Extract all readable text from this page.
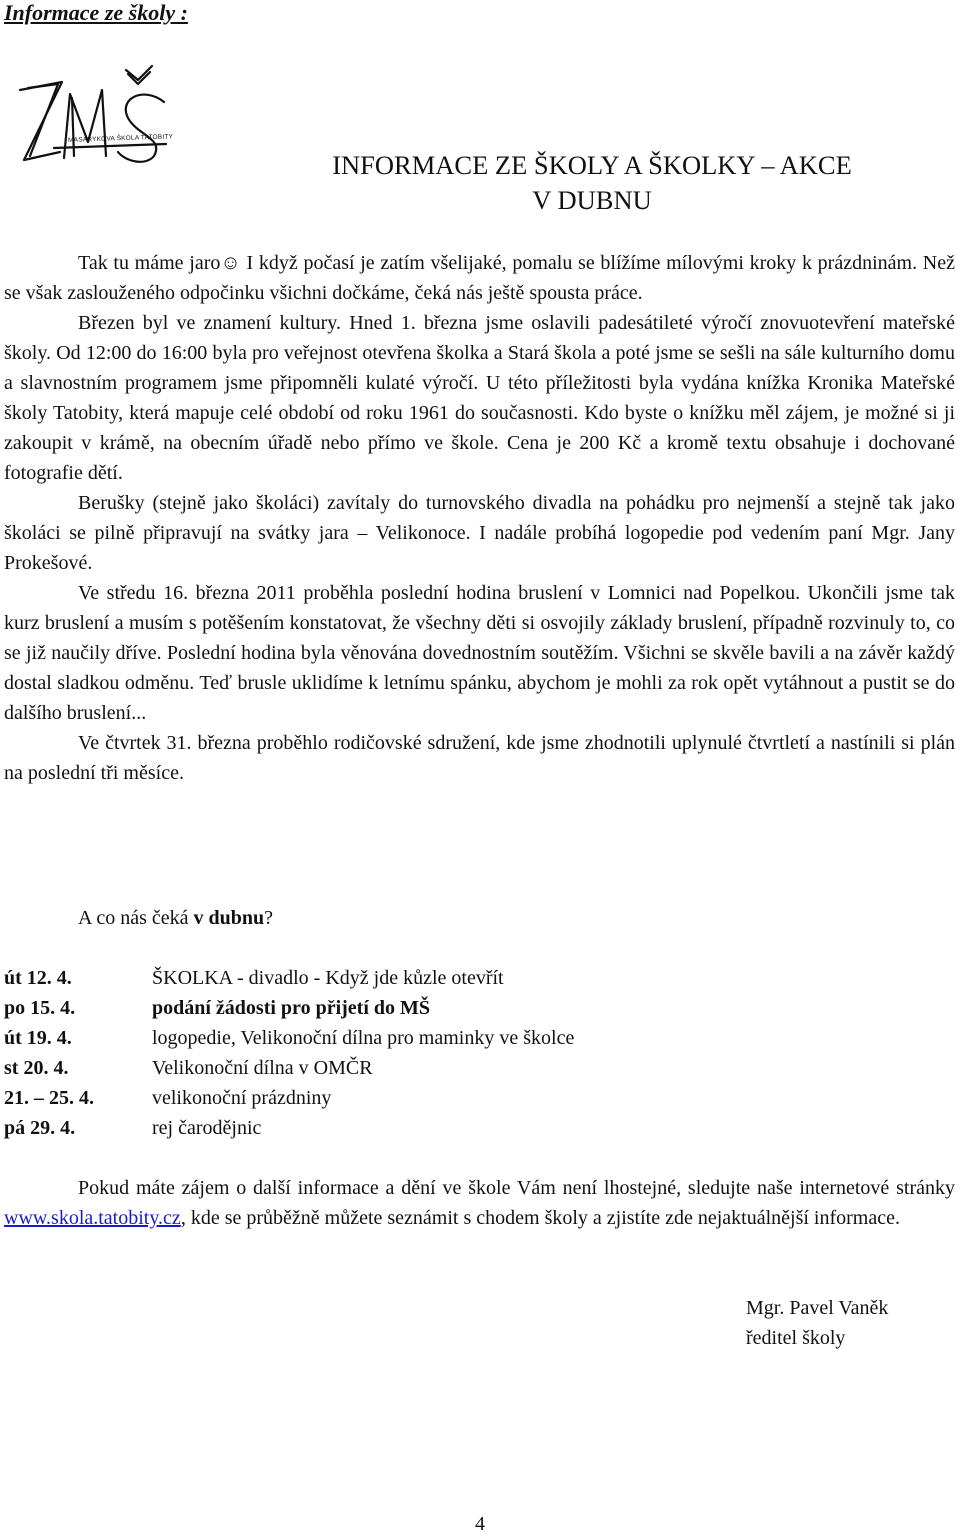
Informace ze školy :
MASARYKOVA ŠKOLA TATOBITY
INFORMACE ZE ŠKOLY A ŠKOLKY – AKCE
V DUBNU

Tak tu máme jaro☺ I když počasí je zatím všelijaké, pomalu se blížíme mílovými kroky k prázdninám. Než se však zaslouženého odpočinku všichni dočkáme, čeká nás ještě spousta práce.

Březen byl ve znamení kultury. Hned 1. března jsme oslavili padesátileté výročí znovuotevření mateřské školy. Od 12:00 do 16:00 byla pro veřejnost otevřena školka a Stará škola a poté jsme se sešli na sále kulturního domu a slavnostním programem jsme připomněli kulaté výročí. U této příležitosti byla vydána knížka Kronika Mateřské školy Tatobity, která mapuje celé období od roku 1961 do současnosti. Kdo byste o knížku měl zájem, je možné si ji zakoupit v krámě, na obecním úřadě nebo přímo ve škole. Cena je 200 Kč a kromě textu obsahuje i dochované fotografie dětí.

Berušky (stejně jako školáci) zavítaly do turnovského divadla na pohádku pro nejmenší a stejně tak jako školáci se pilně připravují na svátky jara – Velikonoce. I nadále probíhá logopedie pod vedením paní Mgr. Jany Prokešové.

Ve středu 16. března 2011 proběhla poslední hodina bruslení v Lomnici nad Popelkou. Ukončili jsme tak kurz bruslení a musím s potěšením konstatovat, že všechny děti si osvojily základy bruslení, případně rozvinuly to, co se již naučily dříve. Poslední hodina byla věnována dovednostním soutěžím. Všichni se skvěle bavili a na závěr každý dostal sladkou odměnu. Teď brusle uklidíme k letnímu spánku, abychom je mohli za rok opět vytáhnout a pustit se do dalšího bruslení...

Ve čtvrtek 31. března proběhlo rodičovské sdružení, kde jsme zhodnotili uplynulé čtvrtletí a nastínili si plán na poslední tři měsíce.

A co nás čeká v dubnu?

út 12. 4.	ŠKOLKA - divadlo - Když jde kůzle otevřít
po 15. 4.	podání žádosti pro přijetí do MŠ
út 19. 4.	logopedie, Velikonoční dílna pro maminky ve školce
st 20. 4.	Velikonoční dílna v OMČR
21. – 25. 4.	velikonoční prázdniny
pá 29. 4.	rej čarodějnic

Pokud máte zájem o další informace a dění ve škole Vám není lhostejné, sledujte naše internetové stránky www.skola.tatobity.cz, kde se průběžně můžete seznámit s chodem školy a zjistíte zde nejaktuálnější informace.

Mgr. Pavel Vaněk
ředitel školy

4
